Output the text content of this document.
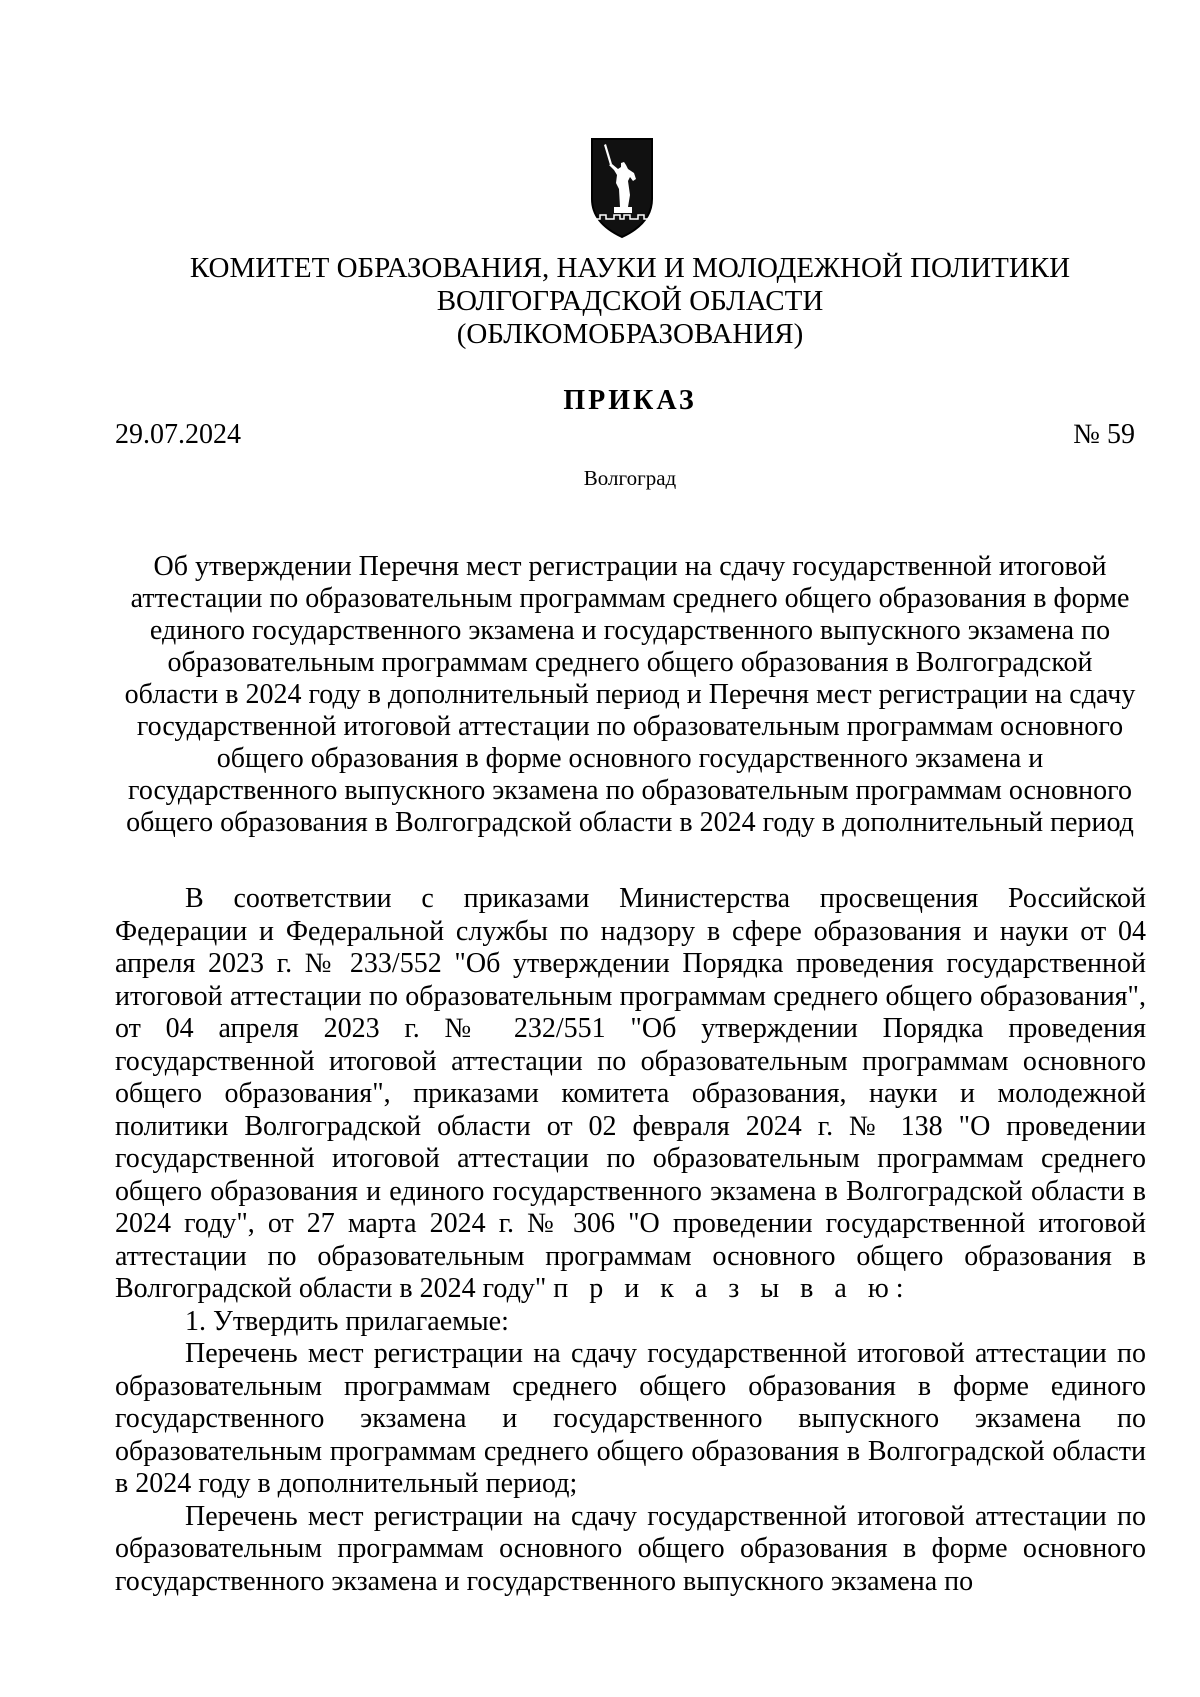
КОМИТЕТ ОБРАЗОВАНИЯ, НАУКИ И МОЛОДЕЖНОЙ ПОЛИТИКИ
ВОЛГОГРАДСКОЙ ОБЛАСТИ
(ОБЛКОМОБРАЗОВАНИЯ)
ПРИКАЗ
29.07.2024	№ 59
Волгоград
Об утверждении Перечня мест регистрации на сдачу государственной итоговой
аттестации по образовательным программам среднего общего образования в форме
единого государственного экзамена и государственного выпускного экзамена по
образовательным программам среднего общего образования в Волгоградской
области в 2024 году в дополнительный период и Перечня мест регистрации на сдачу
государственной итоговой аттестации по образовательным программам основного
общего образования в форме основного государственного экзамена и
государственного выпускного экзамена по образовательным программам основного
общего образования в Волгоградской области в 2024 году в дополнительный период

В соответствии с приказами Министерства просвещения Российской Федерации и Федеральной службы по надзору в сфере образования и науки от 04 апреля 2023 г. № 233/552 "Об утверждении Порядка проведения государственной итоговой аттестации по образовательным программам среднего общего образования", от 04 апреля 2023 г. № 232/551 "Об утверждении Порядка проведения государственной итоговой аттестации по образовательным программам основного общего образования", приказами комитета образования, науки и молодежной политики Волгоградской области от 02 февраля 2024 г. № 138 "О проведении государственной итоговой аттестации по образовательным программам среднего общего образования и единого государственного экзамена в Волгоградской области в 2024 году", от 27 марта 2024 г. № 306 "О проведении государственной итоговой аттестации по образовательным программам основного общего образования в Волгоградской области в 2024 году" п р и к а з ы в а ю:

1. Утвердить прилагаемые:

Перечень мест регистрации на сдачу государственной итоговой аттестации по образовательным программам среднего общего образования в форме единого государственного экзамена и государственного выпускного экзамена по образовательным программам среднего общего образования в Волгоградской области в 2024 году в дополнительный период;

Перечень мест регистрации на сдачу государственной итоговой аттестации по образовательным программам основного общего образования в форме основного государственного экзамена и государственного выпускного экзамена по
